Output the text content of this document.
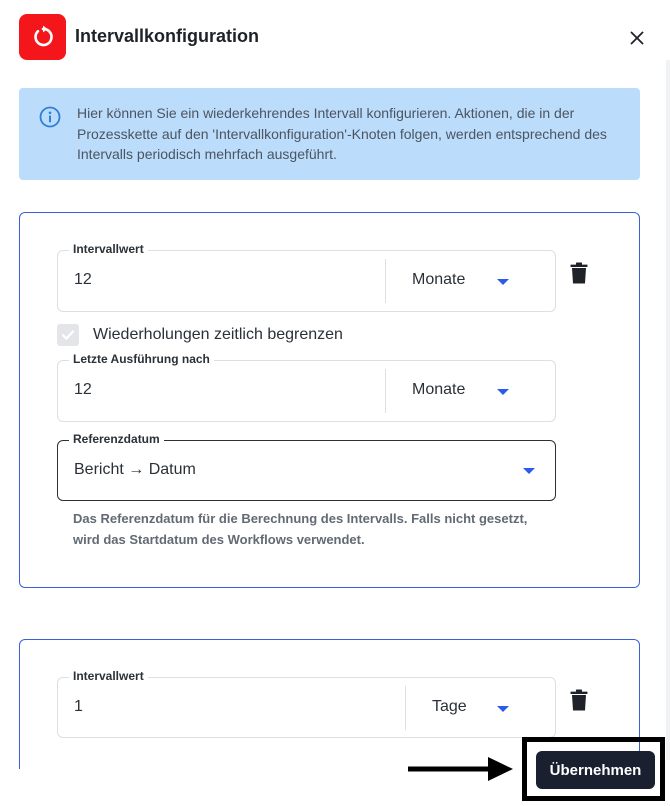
Intervallkonfiguration
Hier können Sie ein wiederkehrendes Intervall konfigurieren. Aktionen, die in der Prozesskette auf den 'Intervallkonfiguration'-Knoten folgen, werden entsprechend des Intervalls periodisch mehrfach ausgeführt.
Intervallwert
12	Monate
Wiederholungen zeitlich begrenzen
Letzte Ausführung nach
12	Monate
Referenzdatum
Bericht → Datum
Das Referenzdatum für die Berechnung des Intervalls. Falls nicht gesetzt, wird das Startdatum des Workflows verwendet.
Intervallwert
1	Tage
Übernehmen
